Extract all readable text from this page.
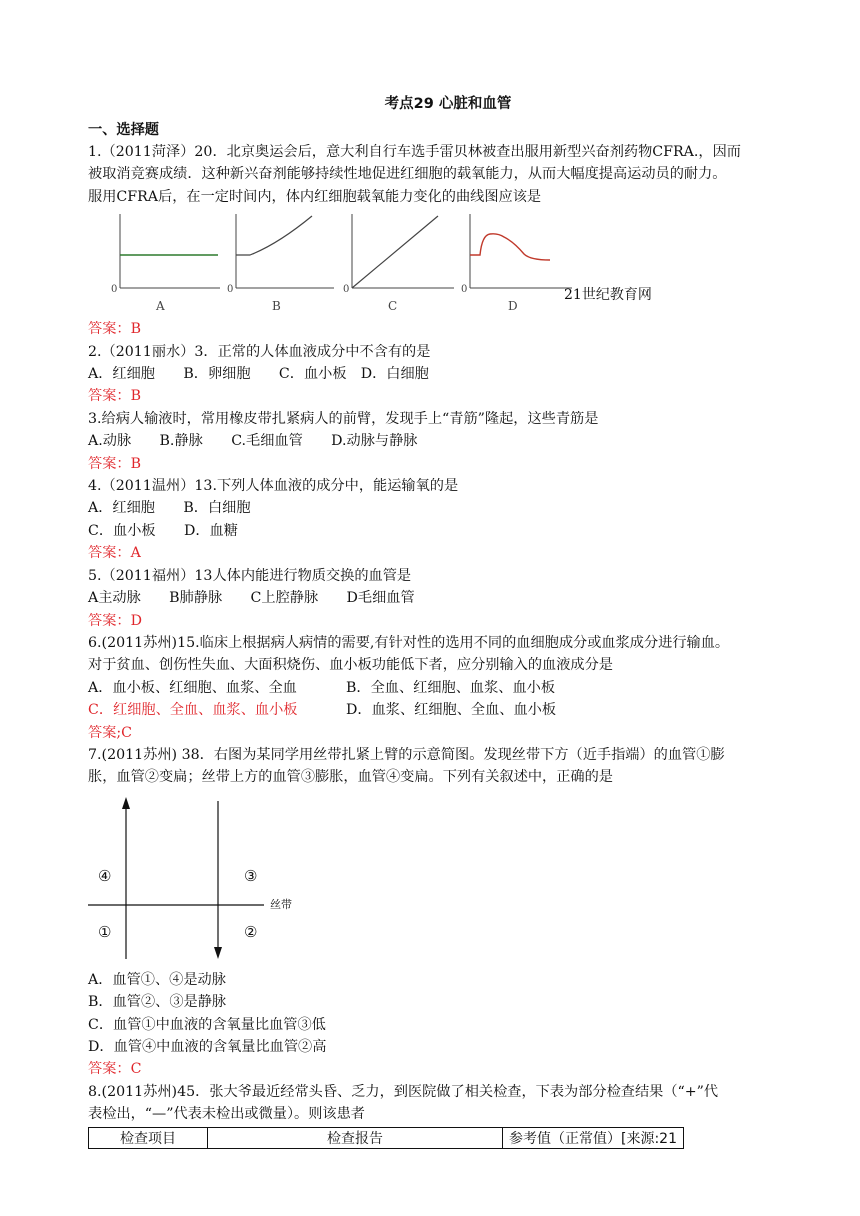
考点29 心脏和血管
一、选择题

1.（2011菏泽）20．北京奥运会后，意大利自行车选手雷贝林被查出服用新型兴奋剂药物CFRA.，因而

被取消竞赛成绩．这种新兴奋剂能够持续性地促进红细胞的载氧能力，从而大幅度提高运动员的耐力。

服用CFRA后，在一定时间内，体内红细胞载氧能力变化的曲线图应该是

0
A
0
B
0
C
0
D
21世纪教育网

答案：B

2.（2011丽水）3．正常的人体血液成分中不含有的是

A．红细胞　　B．卵细胞　　C．血小板　D．白细胞

答案：B

3.给病人输液时，常用橡皮带扎紧病人的前臂，发现手上“青筋”隆起，这些青筋是

A.动脉　　B.静脉　　C.毛细血管　　D.动脉与静脉

答案：B

4.（2011温州）13.下列人体血液的成分中，能运输氧的是

A．红细胞　　B．白细胞

C．血小板　　D．血糖

答案：A

5.（2011福州）13人体内能进行物质交换的血管是

A主动脉　　B肺静脉　　C上腔静脉　　D毛细血管

答案：D

6.(2011苏州)15.临床上根据病人病情的需要,有针对性的选用不同的血细胞成分或血浆成分进行输血。

对于贫血、创伤性失血、大面积烧伤、血小板功能低下者，应分别输入的血液成分是

A．血小板、红细胞、血浆、全血	B．全血、红细胞、血浆、血小板

C．红细胞、全血、血浆、血小板	D．血浆、红细胞、全血、血小板

答案;C

7.(2011苏州) 38．右图为某同学用丝带扎紧上臂的示意简图。发现丝带下方（近手指端）的血管①膨

胀，血管②变扁；丝带上方的血管③膨胀，血管④变扁。下列有关叙述中，正确的是

④	③
①	②
丝带

A．血管①、④是动脉

B．血管②、③是静脉

C．血管①中血液的含氧量比血管③低

D．血管④中血液的含氧量比血管②高

答案：C

8.(2011苏州)45．张大爷最近经常头昏、乏力，到医院做了相关检查，下表为部分检查结果（“+”代

表检出，“—”代表未检出或微量）。则该患者

检查项目	检查报告	参考值（正常值）[来源:21
